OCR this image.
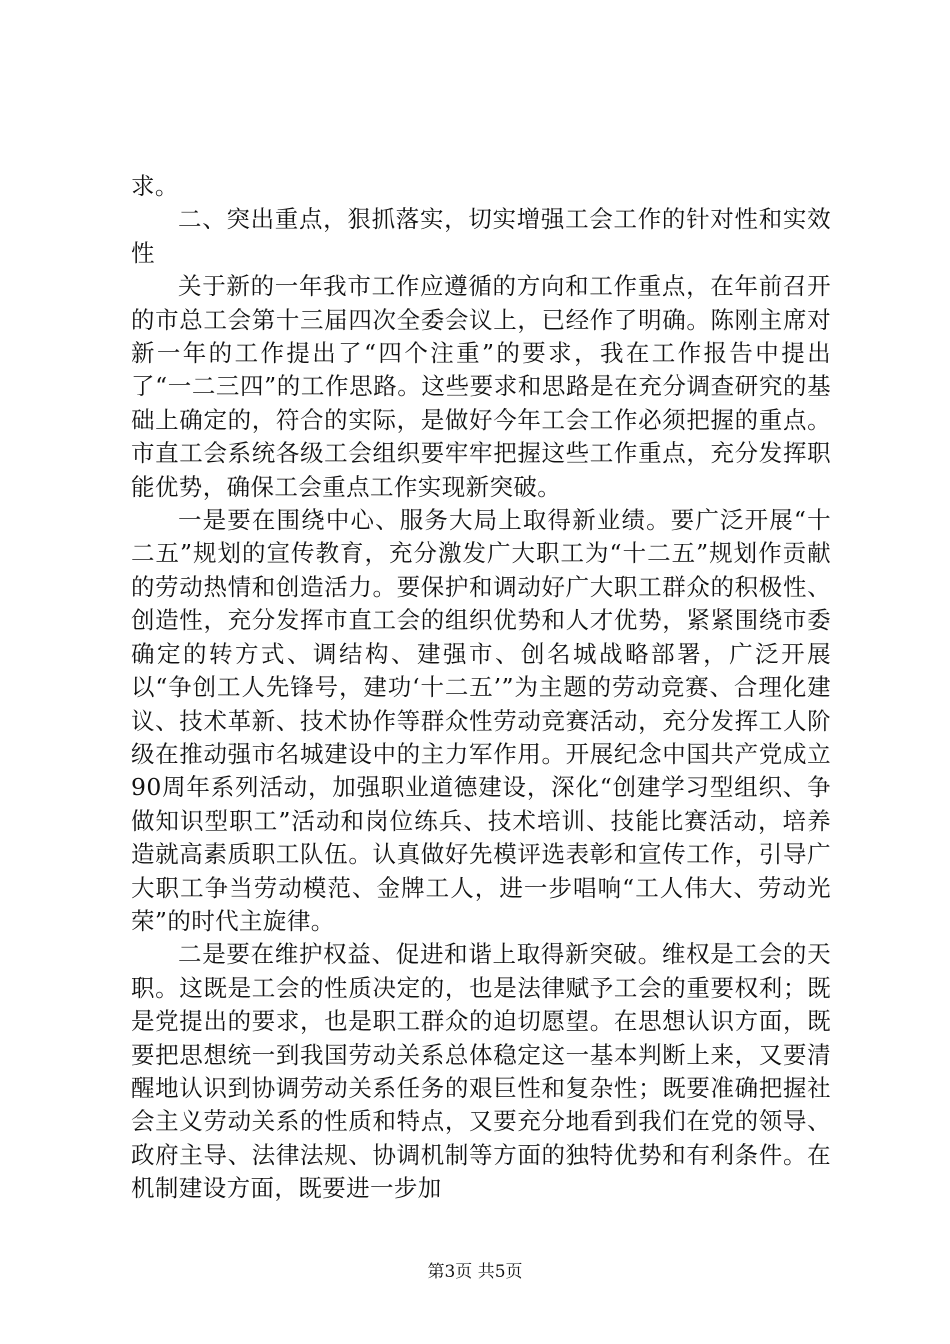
求。

二、突出重点，狠抓落实，切实增强工会工作的针对性和实效性

关于新的一年我市工作应遵循的方向和工作重点，在年前召开的市总工会第十三届四次全委会议上，已经作了明确。陈刚主席对新一年的工作提出了“四个注重”的要求，我在工作报告中提出了“一二三四”的工作思路。这些要求和思路是在充分调查研究的基础上确定的，符合的实际，是做好今年工会工作必须把握的重点。市直工会系统各级工会组织要牢牢把握这些工作重点，充分发挥职能优势，确保工会重点工作实现新突破。

一是要在围绕中心、服务大局上取得新业绩。要广泛开展“十二五”规划的宣传教育，充分激发广大职工为“十二五”规划作贡献的劳动热情和创造活力。要保护和调动好广大职工群众的积极性、创造性，充分发挥市直工会的组织优势和人才优势，紧紧围绕市委确定的转方式、调结构、建强市、创名城战略部署，广泛开展以“争创工人先锋号，建功‘十二五’”为主题的劳动竞赛、合理化建议、技术革新、技术协作等群众性劳动竞赛活动，充分发挥工人阶级在推动强市名城建设中的主力军作用。开展纪念中国共产党成立90周年系列活动，加强职业道德建设，深化“创建学习型组织、争做知识型职工”活动和岗位练兵、技术培训、技能比赛活动，培养造就高素质职工队伍。认真做好先模评选表彰和宣传工作，引导广大职工争当劳动模范、金牌工人，进一步唱响“工人伟大、劳动光荣”的时代主旋律。

二是要在维护权益、促进和谐上取得新突破。维权是工会的天职。这既是工会的性质决定的，也是法律赋予工会的重要权利；既是党提出的要求，也是职工群众的迫切愿望。在思想认识方面，既要把思想统一到我国劳动关系总体稳定这一基本判断上来，又要清醒地认识到协调劳动关系任务的艰巨性和复杂性；既要准确把握社会主义劳动关系的性质和特点，又要充分地看到我们在党的领导、政府主导、法律法规、协调机制等方面的独特优势和有利条件。在机制建设方面，既要进一步加

第3页 共5页
